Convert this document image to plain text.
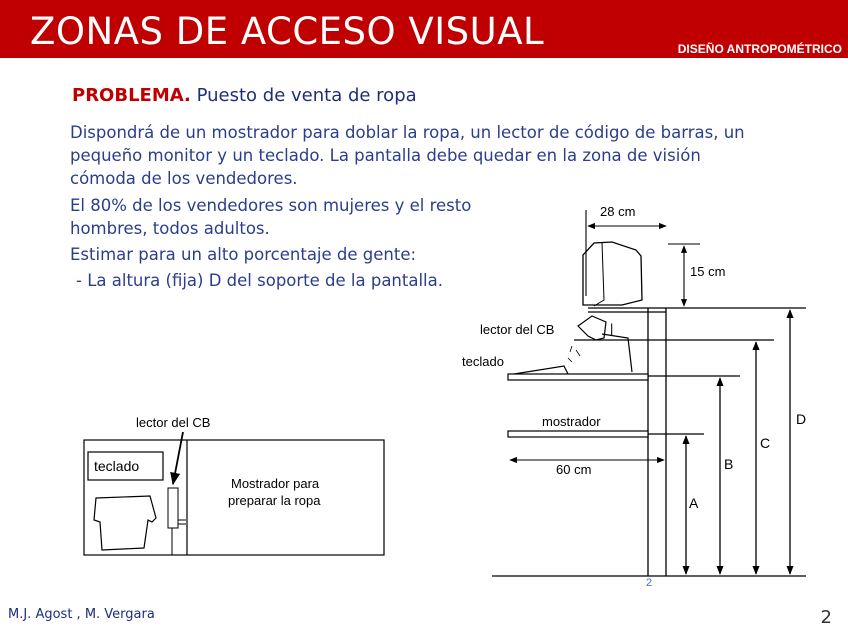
ZONAS DE ACCESO VISUAL	DISEÑO ANTROPOMÉTRICO
PROBLEMA. Puesto de venta de ropa

Dispondrá de un mostrador para doblar la ropa, un lector de código de barras, un pequeño monitor y un teclado. La pantalla debe quedar en la zona de visión cómoda de los vendedores.

El 80% de los vendedores son mujeres y el resto hombres, todos adultos.

Estimar para un alto porcentaje de gente:

- La altura (fija) D del soporte de la pantalla.

teclado
lector del CB
Mostrador para
preparar la ropa
|
28 cm
15 cm
lector del CB
teclado
mostrador
60 cm
A
B
C
D
2
M.J. Agost , M. Vergara	2
